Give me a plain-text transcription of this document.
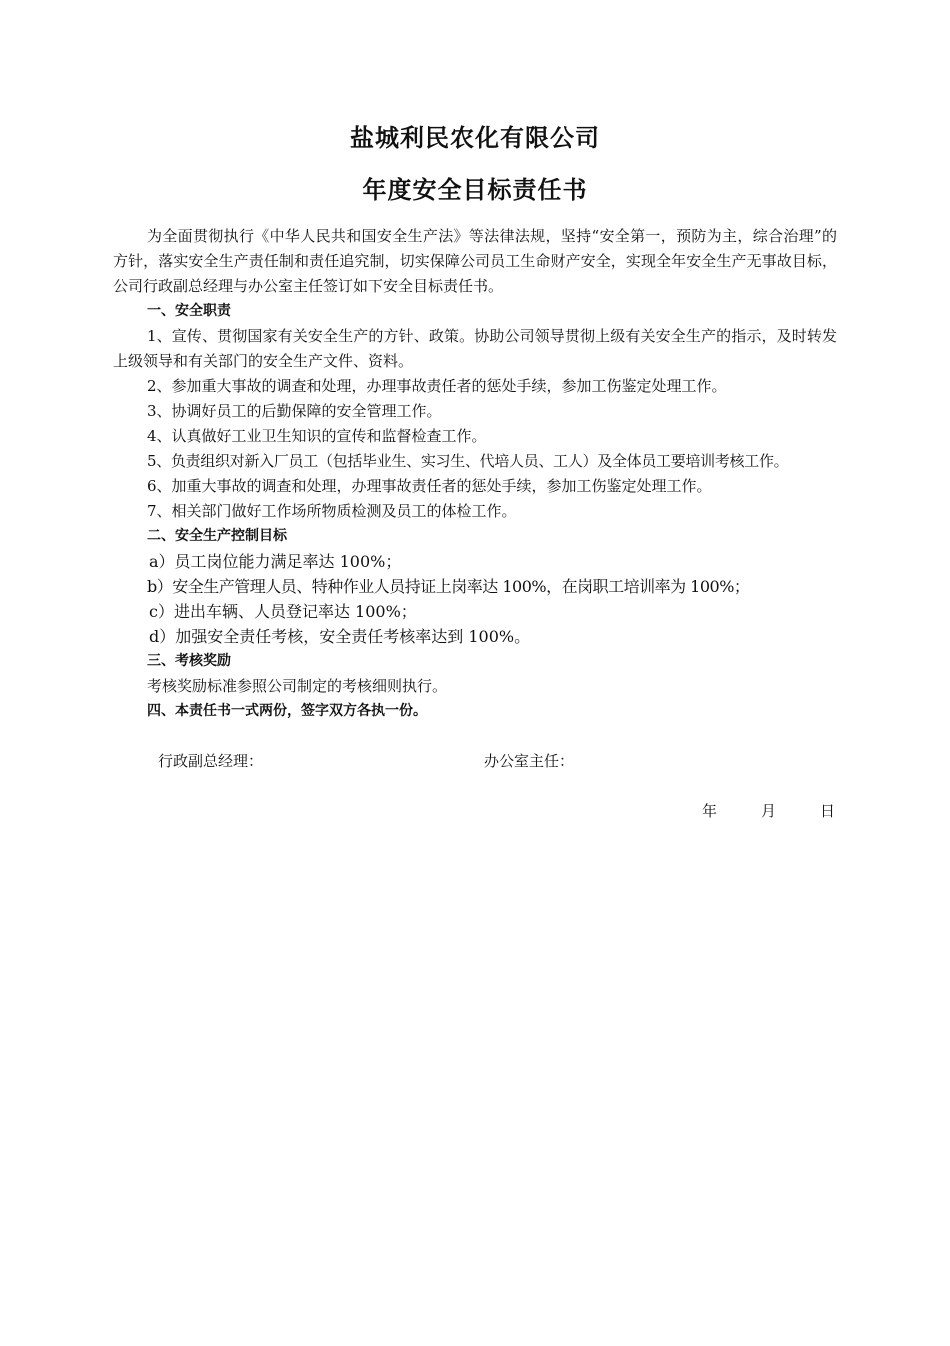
盐城利民农化有限公司
年度安全目标责任书

为全面贯彻执行《中华人民共和国安全生产法》等法律法规，坚持“安全第一，预防为主，综合治理”的方针，落实安全生产责任制和责任追究制，切实保障公司员工生命财产安全，实现全年安全生产无事故目标，公司行政副总经理与办公室主任签订如下安全目标责任书。

一、安全职责

1、宣传、贯彻国家有关安全生产的方针、政策。协助公司领导贯彻上级有关安全生产的指示，及时转发上级领导和有关部门的安全生产文件、资料。

2、参加重大事故的调查和处理，办理事故责任者的惩处手续，参加工伤鉴定处理工作。

3、协调好员工的后勤保障的安全管理工作。

4、认真做好工业卫生知识的宣传和监督检查工作。

5、负责组织对新入厂员工（包括毕业生、实习生、代培人员、工人）及全体员工要培训考核工作。

6、加重大事故的调查和处理，办理事故责任者的惩处手续，参加工伤鉴定处理工作。

7、相关部门做好工作场所物质检测及员工的体检工作。

二、安全生产控制目标

a）员工岗位能力满足率达 100%；

b）安全生产管理人员、特种作业人员持证上岗率达 100%，在岗职工培训率为 100%；

c）进出车辆、人员登记率达 100%；

d）加强安全责任考核，安全责任考核率达到 100%。

三、考核奖励

考核奖励标准参照公司制定的考核细则执行。

四、本责任书一式两份，签字双方各执一份。

行政副总经理：	办公室主任：
年	月	日
